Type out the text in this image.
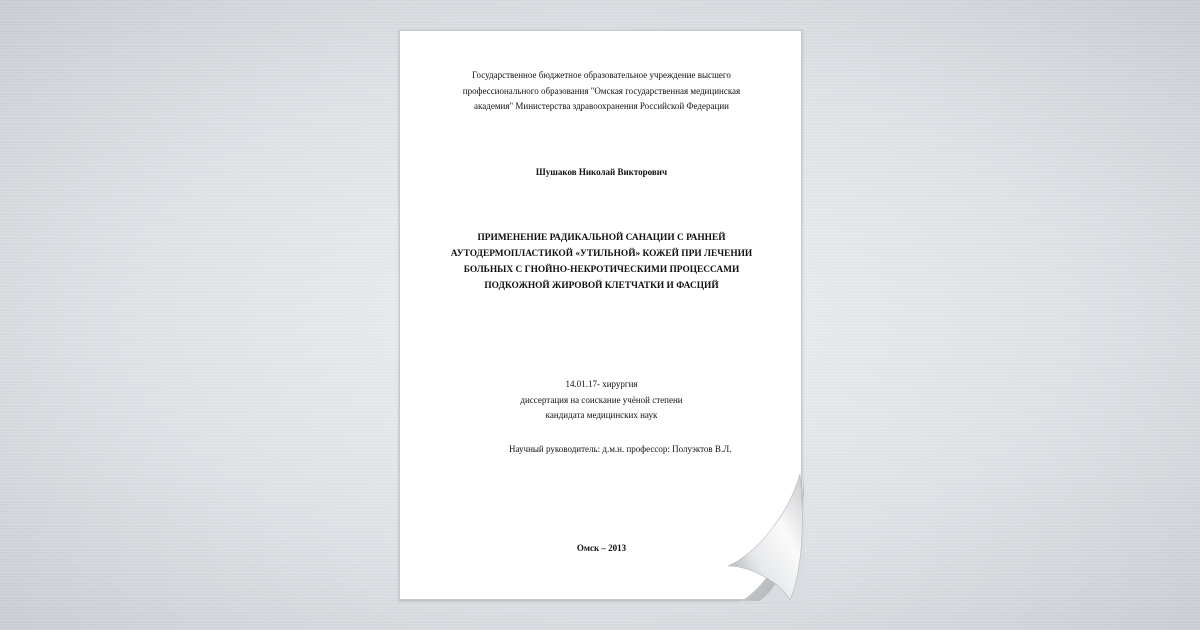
Государственное бюджетное образовательное учреждение высшего
профессионального образования "Омская государственная медицинская
академия" Министерства здравоохранения Российской Федерации
Шушаков Николай Викторович
ПРИМЕНЕНИЕ РАДИКАЛЬНОЙ САНАЦИИ С РАННЕЙ
АУТОДЕРМОПЛАСТИКОЙ «УТИЛЬНОЙ» КОЖЕЙ ПРИ ЛЕЧЕНИИ
БОЛЬНЫХ С ГНОЙНО-НЕКРОТИЧЕСКИМИ ПРОЦЕССАМИ
ПОДКОЖНОЙ ЖИРОВОЙ КЛЕТЧАТКИ И ФАСЦИЙ
14.01.17- хирургия
диссертация на соискание учёной степени
кандидата медицинских наук
Научный руководитель: д.м.н. профессор: Полуэктов В.Л.
Омск – 2013
